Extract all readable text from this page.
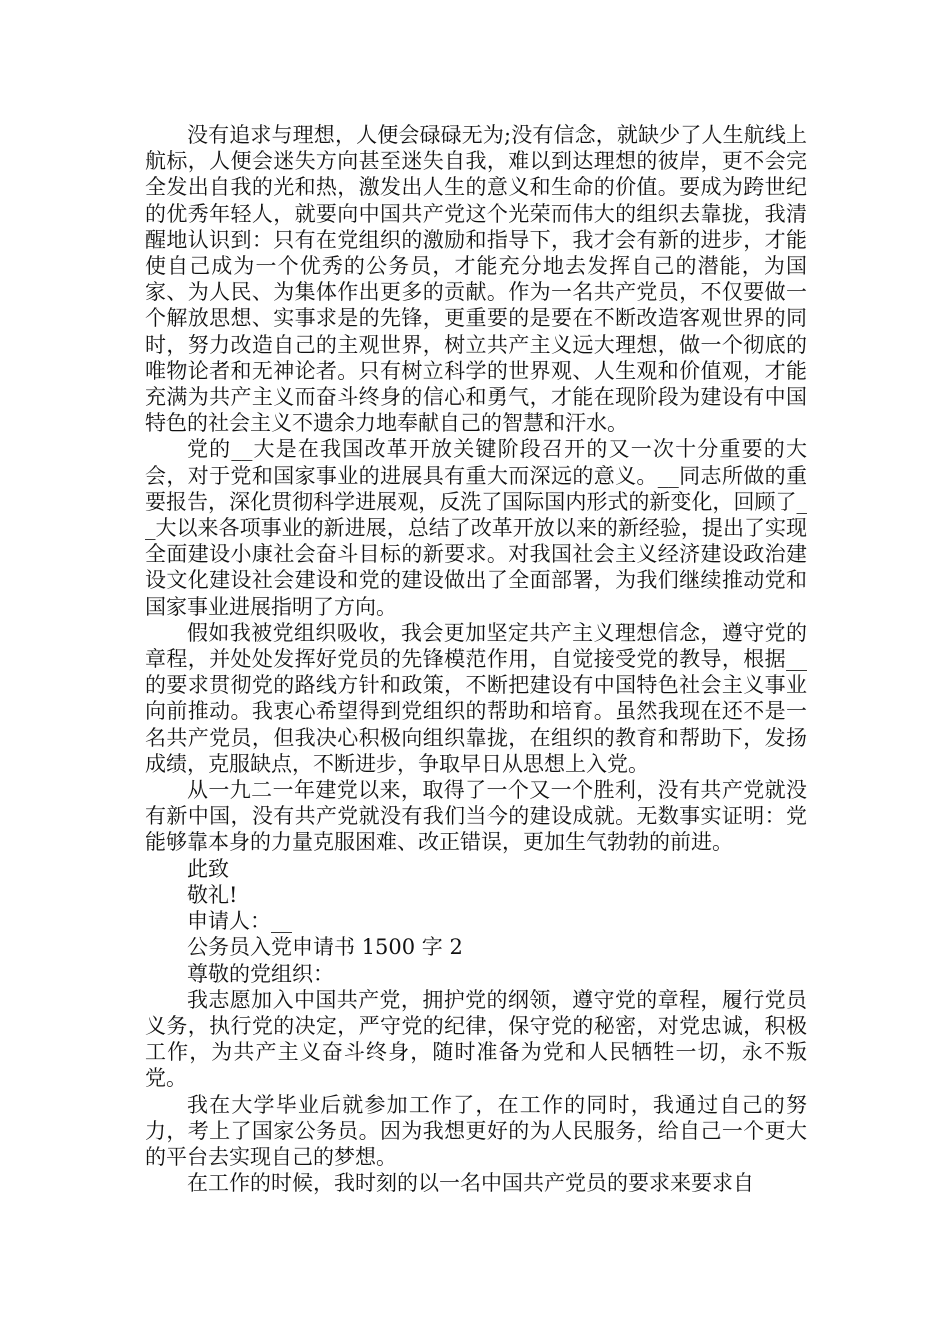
没有追求与理想，人便会碌碌无为;没有信念，就缺少了人生航线上航标，人便会迷失方向甚至迷失自我，难以到达理想的彼岸，更不会完全发出自我的光和热，激发出人生的意义和生命的价值。要成为跨世纪的优秀年轻人，就要向中国共产党这个光荣而伟大的组织去靠拢，我清醒地认识到：只有在党组织的激励和指导下，我才会有新的进步，才能使自己成为一个优秀的公务员，才能充分地去发挥自己的潜能，为国家、为人民、为集体作出更多的贡献。作为一名共产党员，不仅要做一个解放思想、实事求是的先锋，更重要的是要在不断改造客观世界的同时，努力改造自己的主观世界，树立共产主义远大理想，做一个彻底的唯物论者和无神论者。只有树立科学的世界观、人生观和价值观，才能充满为共产主义而奋斗终身的信心和勇气，才能在现阶段为建设有中国特色的社会主义不遗余力地奉献自己的智慧和汗水。

党的__大是在我国改革开放关键阶段召开的又一次十分重要的大会，对于党和国家事业的进展具有重大而深远的意义。__同志所做的重要报告，深化贯彻科学进展观，反洗了国际国内形式的新变化，回顾了__大以来各项事业的新进展，总结了改革开放以来的新经验，提出了实现全面建设小康社会奋斗目标的新要求。对我国社会主义经济建设政治建设文化建设社会建设和党的建设做出了全面部署，为我们继续推动党和国家事业进展指明了方向。

假如我被党组织吸收，我会更加坚定共产主义理想信念，遵守党的章程，并处处发挥好党员的先锋模范作用，自觉接受党的教导，根据__的要求贯彻党的路线方针和政策，不断把建设有中国特色社会主义事业向前推动。我衷心希望得到党组织的帮助和培育。虽然我现在还不是一名共产党员，但我决心积极向组织靠拢，在组织的教育和帮助下，发扬成绩，克服缺点，不断进步，争取早日从思想上入党。

从一九二一年建党以来，取得了一个又一个胜利，没有共产党就没有新中国，没有共产党就没有我们当今的建设成就。无数事实证明：党能够靠本身的力量克服困难、改正错误，更加生气勃勃的前进。

此致

敬礼!

申请人：__

公务员入党申请书 1500 字 2

尊敬的党组织：

我志愿加入中国共产党，拥护党的纲领，遵守党的章程，履行党员义务，执行党的决定，严守党的纪律，保守党的秘密，对党忠诚，积极工作，为共产主义奋斗终身，随时准备为党和人民牺牲一切，永不叛党。

我在大学毕业后就参加工作了，在工作的同时，我通过自己的努力，考上了国家公务员。因为我想更好的为人民服务，给自己一个更大的平台去实现自己的梦想。

在工作的时候，我时刻的以一名中国共产党员的要求来要求自
